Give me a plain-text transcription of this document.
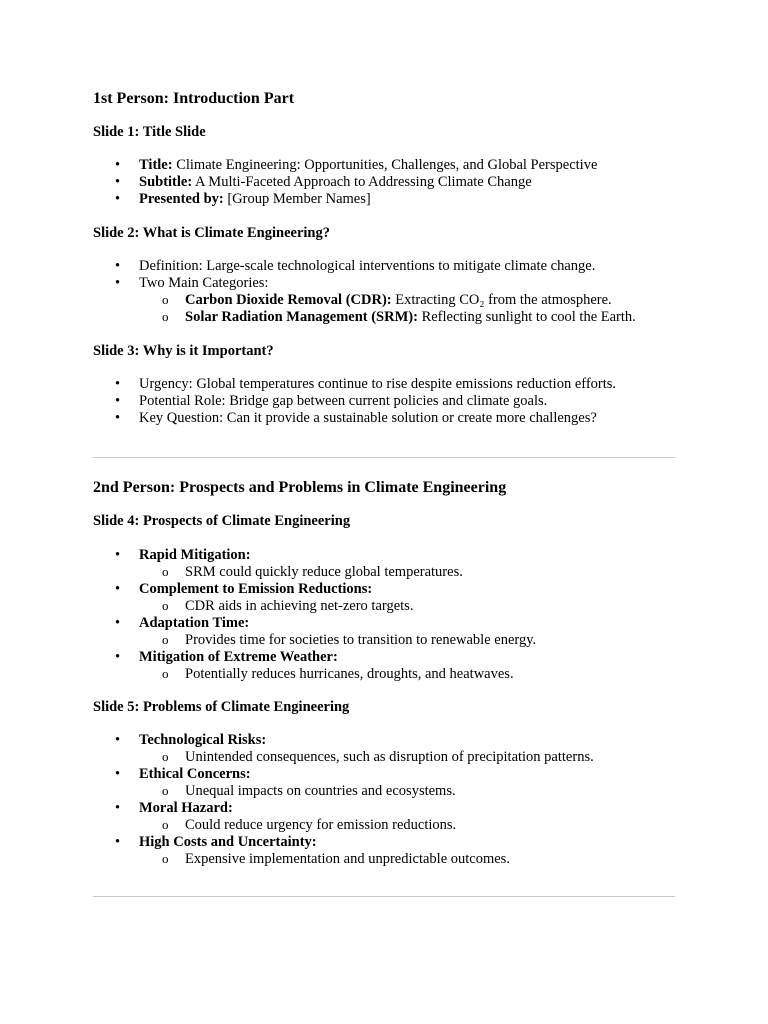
1st Person: Introduction Part
Slide 1: Title Slide
• Title: Climate Engineering: Opportunities, Challenges, and Global Perspective
• Subtitle: A Multi-Faceted Approach to Addressing Climate Change
• Presented by: [Group Member Names]
Slide 2: What is Climate Engineering?
• Definition: Large-scale technological interventions to mitigate climate change.
• Two Main Categories:
o Carbon Dioxide Removal (CDR): Extracting CO₂ from the atmosphere.
o Solar Radiation Management (SRM): Reflecting sunlight to cool the Earth.
Slide 3: Why is it Important?
• Urgency: Global temperatures continue to rise despite emissions reduction efforts.
• Potential Role: Bridge gap between current policies and climate goals.
• Key Question: Can it provide a sustainable solution or create more challenges?
2nd Person: Prospects and Problems in Climate Engineering
Slide 4: Prospects of Climate Engineering
• Rapid Mitigation:
o SRM could quickly reduce global temperatures.
• Complement to Emission Reductions:
o CDR aids in achieving net-zero targets.
• Adaptation Time:
o Provides time for societies to transition to renewable energy.
• Mitigation of Extreme Weather:
o Potentially reduces hurricanes, droughts, and heatwaves.
Slide 5: Problems of Climate Engineering
• Technological Risks:
o Unintended consequences, such as disruption of precipitation patterns.
• Ethical Concerns:
o Unequal impacts on countries and ecosystems.
• Moral Hazard:
o Could reduce urgency for emission reductions.
• High Costs and Uncertainty:
o Expensive implementation and unpredictable outcomes.
